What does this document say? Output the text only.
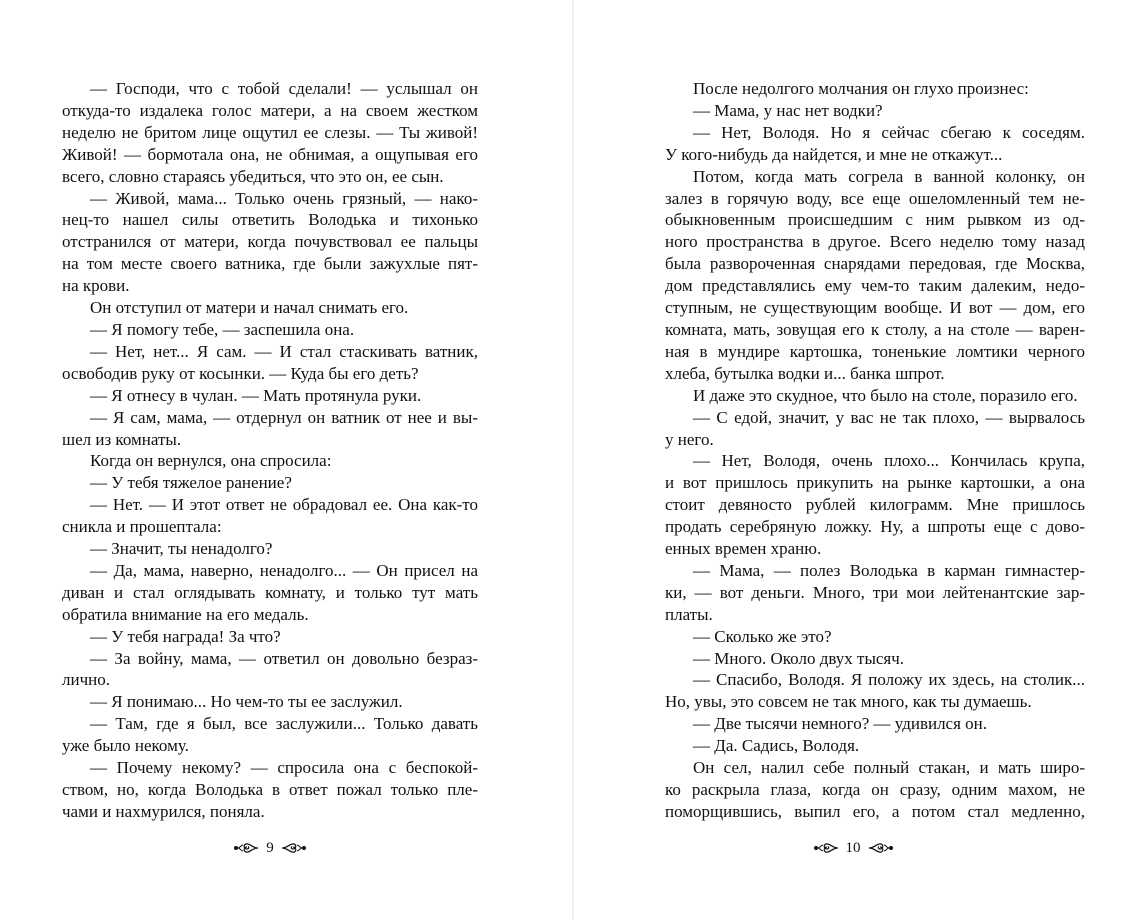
— Господи, что с тобой сделали! — услышал он
откуда-то издалека голос матери, а на своем жестком
неделю не бритом лице ощутил ее слезы. — Ты живой!
Живой! — бормотала она, не обнимая, а ощупывая его
всего, словно стараясь убедиться, что это он, ее сын.
— Живой, мама... Только очень грязный, — нако-
нец-то нашел силы ответить Володька и тихонько
отстранился от матери, когда почувствовал ее пальцы
на том месте своего ватника, где были зажухлые пят-
на крови.
Он отступил от матери и начал снимать его.
— Я помогу тебе, — заспешила она.
— Нет, нет... Я сам. — И стал стаскивать ватник,
освободив руку от косынки. — Куда бы его деть?
— Я отнесу в чулан. — Мать протянула руки.
— Я сам, мама, — отдернул он ватник от нее и вы-
шел из комнаты.
Когда он вернулся, она спросила:
— У тебя тяжелое ранение?
— Нет. — И этот ответ не обрадовал ее. Она как-то
сникла и прошептала:
— Значит, ты ненадолго?
— Да, мама, наверно, ненадолго... — Он присел на
диван и стал оглядывать комнату, и только тут мать
обратила внимание на его медаль.
— У тебя награда! За что?
— За войну, мама, — ответил он довольно безраз-
лично.
— Я понимаю... Но чем-то ты ее заслужил.
— Там, где я был, все заслужили... Только давать
уже было некому.
— Почему некому? — спросила она с беспокой-
ством, но, когда Володька в ответ пожал только пле-
чами и нахмурился, поняла.
9
После недолгого молчания он глухо произнес:
— Мама, у нас нет водки?
— Нет, Володя. Но я сейчас сбегаю к соседям.
У кого-нибудь да найдется, и мне не откажут...
Потом, когда мать согрела в ванной колонку, он
залез в горячую воду, все еще ошеломленный тем не-
обыкновенным происшедшим с ним рывком из од-
ного пространства в другое. Всего неделю тому назад
была развороченная снарядами передовая, где Москва,
дом представлялись ему чем-то таким далеким, недо-
ступным, не существующим вообще. И вот — дом, его
комната, мать, зовущая его к столу, а на столе — варен-
ная в мундире картошка, тоненькие ломтики черного
хлеба, бутылка водки и... банка шпрот.
И даже это скудное, что было на столе, поразило его.
— С едой, значит, у вас не так плохо, — вырвалось
у него.
— Нет, Володя, очень плохо... Кончилась крупа,
и вот пришлось прикупить на рынке картошки, а она
стоит девяносто рублей килограмм. Мне пришлось
продать серебряную ложку. Ну, а шпроты еще с дово-
енных времен храню.
— Мама, — полез Володька в карман гимнастер-
ки, — вот деньги. Много, три мои лейтенантские зар-
платы.
— Сколько же это?
— Много. Около двух тысяч.
— Спасибо, Володя. Я положу их здесь, на столик...
Но, увы, это совсем не так много, как ты думаешь.
— Две тысячи немного? — удивился он.
— Да. Садись, Володя.
Он сел, налил себе полный стакан, и мать широ-
ко раскрыла глаза, когда он сразу, одним махом, не
поморщившись, выпил его, а потом стал медленно,
10
